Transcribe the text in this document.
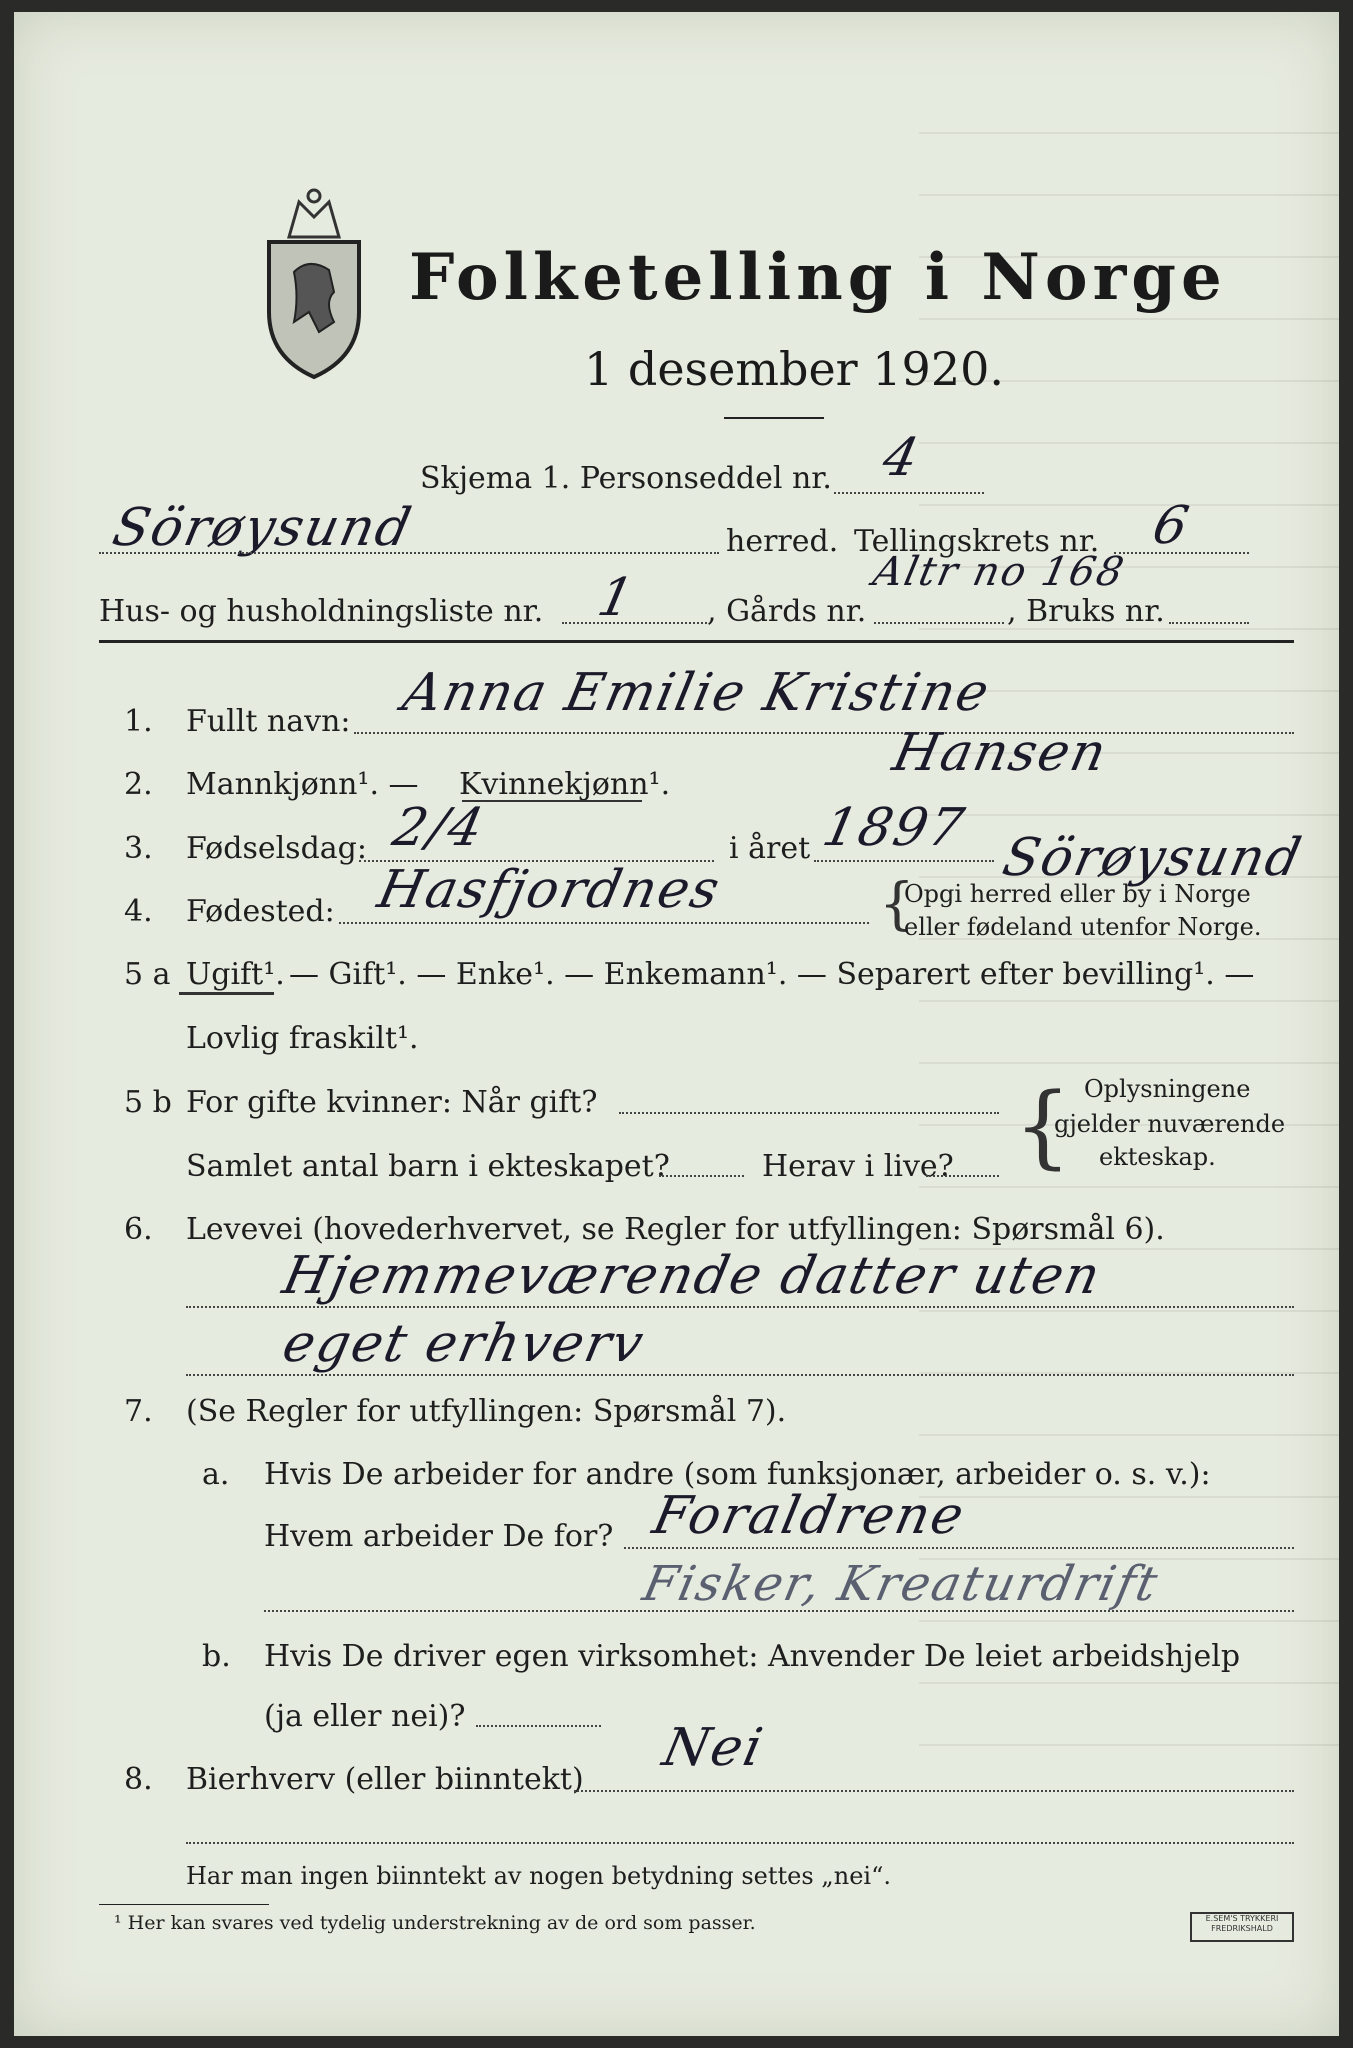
Folketelling i Norge
1 desember 1920.
Skjema 1. Personseddel nr. 4
Sörøysund	herred. Tellingskrets nr. 6
Hus- og husholdningsliste nr. 1 , Gårds nr.
Altr no 168
, Bruks nr.
1. Fullt navn: Anna Emilie Kristine
Hansen
2. Mannkjønn¹. — Kvinnekjønn¹.
3. Fødselsdag: 2/4	i året 1897 Sörøysund
4. Fødested: Hasfjordnes	{
Opgi herred eller by i Norge
eller fødeland utenfor Norge.
5 a Ugift¹. — Gift¹. — Enke¹. — Enkemann¹. — Separert efter bevilling¹. —
Lovlig fraskilt¹.
5 b For gifte kvinner: Når gift?
Samlet antal barn i ekteskapet?	Herav i live? { Oplysningene
gjelder nuværende
ekteskap.
6. Levevei (hovederhvervet, se Regler for utfyllingen: Spørsmål 6).
Hjemmeværende datter uten
eget erhverv
7. (Se Regler for utfyllingen: Spørsmål 7).
a. Hvis De arbeider for andre (som funksjonær, arbeider o. s. v.):
Hvem arbeider De for? Foraldrene
Fisker, Kreaturdrift
b. Hvis De driver egen virksomhet: Anvender De leiet arbeidshjelp
(ja eller nei)?
8. Bierhverv (eller biinntekt)
Nei
Har man ingen biinntekt av nogen betydning settes „nei“.
¹ Her kan svares ved tydelig understrekning av de ord som passer.	E.SEM'S TRYKKERI FREDRIKSHALD
